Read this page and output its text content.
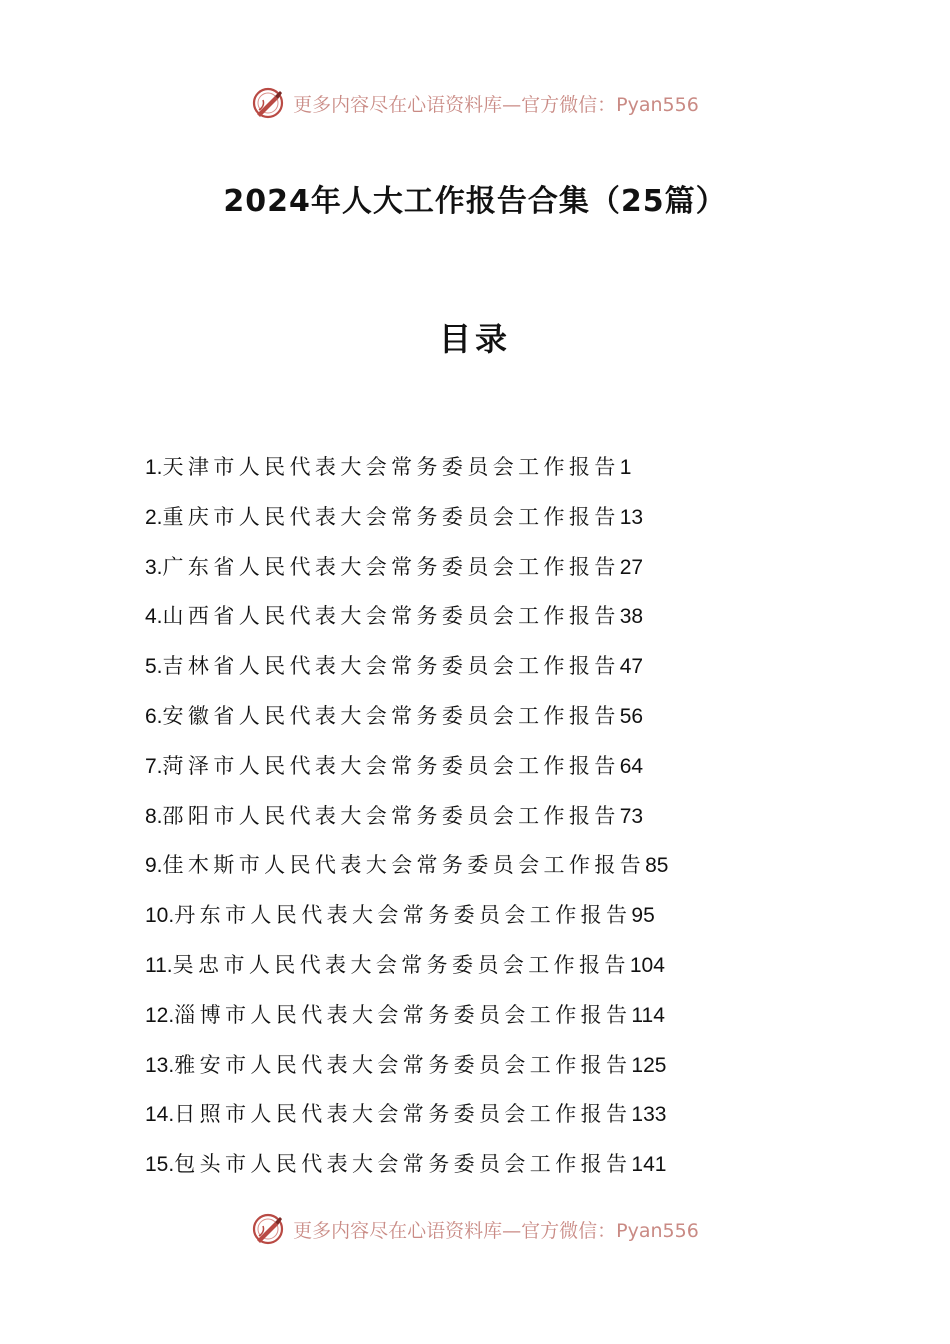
更多内容尽在心语资料库—官方微信：Pyan556
2024年人大工作报告合集（25篇）
目录
1.天津市人民代表大会常务委员会工作报告1
2.重庆市人民代表大会常务委员会工作报告13
3.广东省人民代表大会常务委员会工作报告27
4.山西省人民代表大会常务委员会工作报告38
5.吉林省人民代表大会常务委员会工作报告47
6.安徽省人民代表大会常务委员会工作报告56
7.菏泽市人民代表大会常务委员会工作报告64
8.邵阳市人民代表大会常务委员会工作报告73
9.佳木斯市人民代表大会常务委员会工作报告85
10.丹东市人民代表大会常务委员会工作报告95
11.吴忠市人民代表大会常务委员会工作报告104
12.淄博市人民代表大会常务委员会工作报告114
13.雅安市人民代表大会常务委员会工作报告125
14.日照市人民代表大会常务委员会工作报告133
15.包头市人民代表大会常务委员会工作报告141
更多内容尽在心语资料库—官方微信：Pyan556
